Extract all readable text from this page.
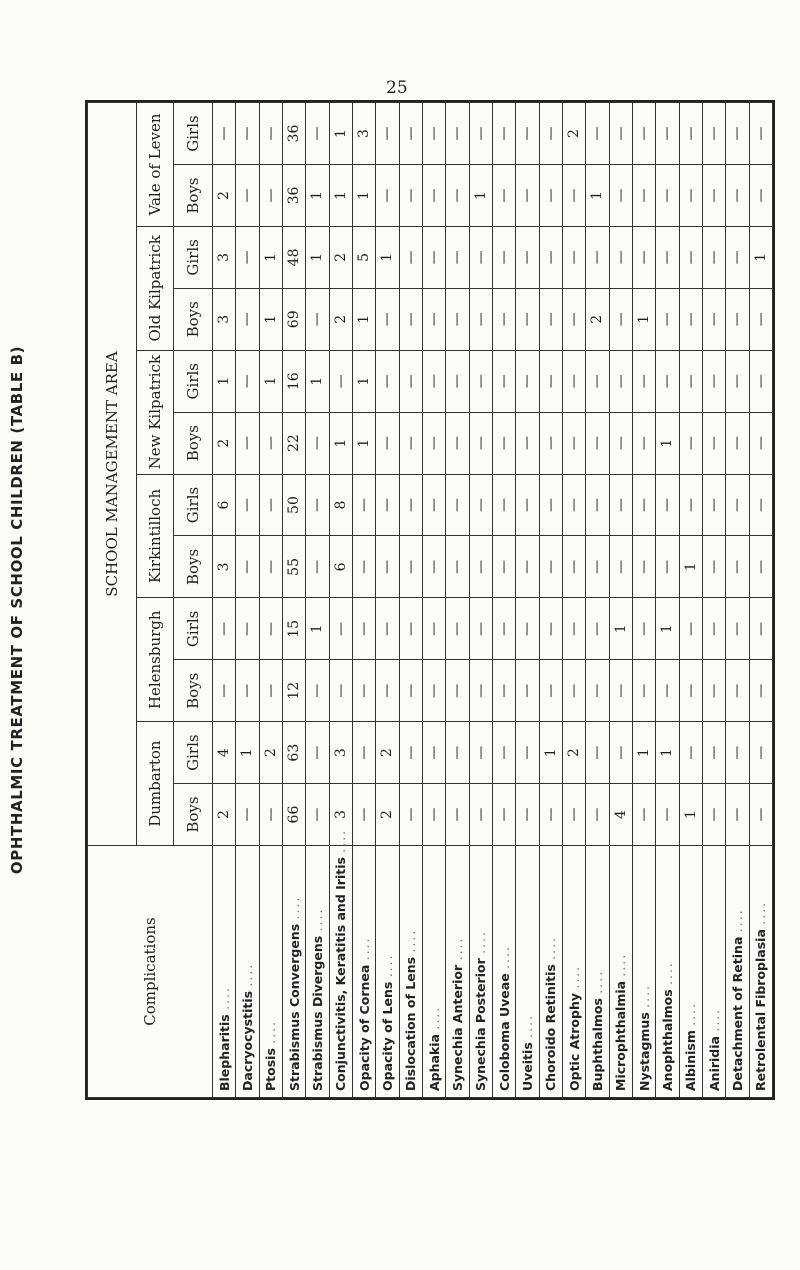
25
OPHTHALMIC TREATMENT OF SCHOOL CHILDREN (TABLE B)
Complications	SCHOOL MANAGEMENT AREA											
	Dumbarton		Helensburgh		Kirkintilloch		New Kilpatrick		Old Kilpatrick		Vale of Leven	
	Boys	Girls	Boys	Girls	Boys	Girls	Boys	Girls	Boys	Girls	Boys	Girls
Blepharitis ....	2	4	—	—	3	6	2	1	3	3	2	—
Dacryocystitis ....	—	1	—	—	—	—	—	—	—	—	—	—
Ptosis ....	—	2	—	—	—	—	—	1	1	1	—	—
Strabismus Convergens ....	66	63	12	15	55	50	22	16	69	48	36	36
Strabismus Divergens ....	—	—	—	1	—	—	—	1	—	1	1	—
Conjunctivitis, Keratitis and Iritis ....	3	3	—	—	6	8	1	—	2	2	1	1
Opacity of Cornea ....	—	—	—	—	—	—	1	1	1	5	1	3
Opacity of Lens ....	2	2	—	—	—	—	—	—	—	1	—	—
Dislocation of Lens ....	—	—	—	—	—	—	—	—	—	—	—	—
Aphakia ....	—	—	—	—	—	—	—	—	—	—	—	—
Synechia Anterior ....	—	—	—	—	—	—	—	—	—	—	—	—
Synechia Posterior ....	—	—	—	—	—	—	—	—	—	—	1	—
Coloboma Uveae ....	—	—	—	—	—	—	—	—	—	—	—	—
Uveitis ....	—	—	—	—	—	—	—	—	—	—	—	—
Choroido Retinitis ....	—	1	—	—	—	—	—	—	—	—	—	—
Optic Atrophy ....	—	2	—	—	—	—	—	—	—	—	—	2
Buphthalmos ....	—	—	—	—	—	—	—	—	2	—	1	—
Microphthalmia ....	4	—	—	1	—	—	—	—	—	—	—	—
Nystagmus ....	—	1	—	—	—	—	—	—	1	—	—	—
Anophthalmos ....	—	1	—	1	—	—	1	—	—	—	—	—
Albinism ....	1	—	—	—	1	—	—	—	—	—	—	—
Aniridia ....	—	—	—	—	—	—	—	—	—	—	—	—
Detachment of Retina ....	—	—	—	—	—	—	—	—	—	—	—	—
Retrolental Fibroplasia ....	—	—	—	—	—	—	—	—	—	1	—	—
